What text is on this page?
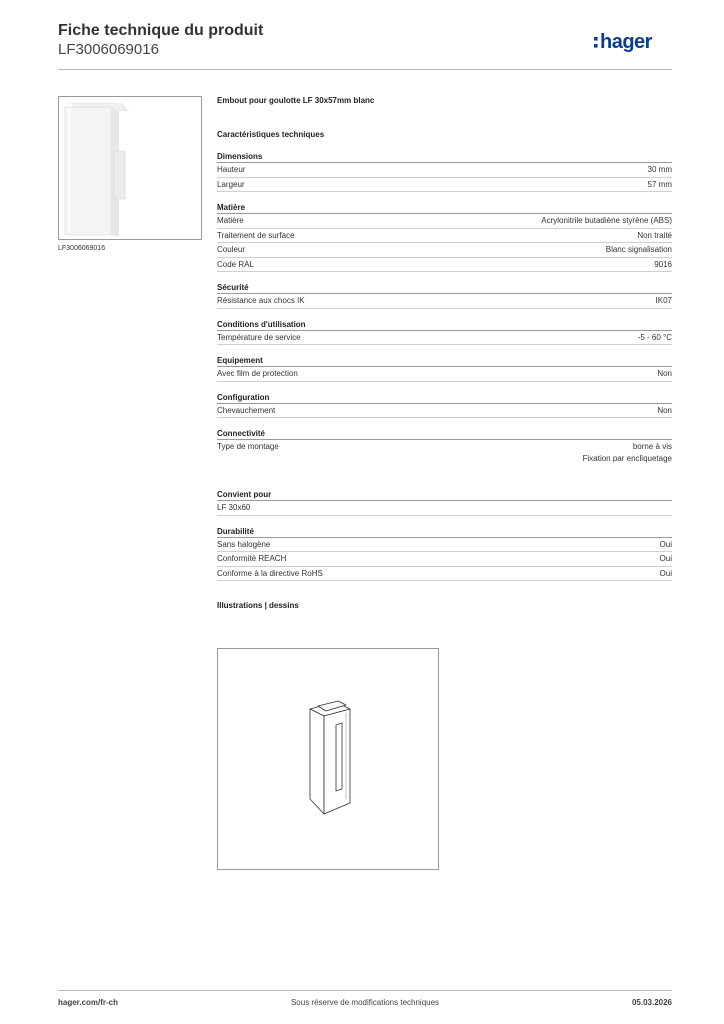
Fiche technique du produit
LF3006069016	hager
LF3006069016
Embout pour goulotte LF 30x57mm blanc
Caractéristiques techniques
Dimensions
Hauteur	30 mm
Largeur	57 mm
Matière
Matière	Acrylonitrile butadiène styrène (ABS)
Traitement de surface	Non traité
Couleur	Blanc signalisation
Code RAL	9016
Sécurité
Résistance aux chocs IK	IK07
Conditions d'utilisation
Température de service	-5 - 60 °C
Equipement
Avec film de protection	Non
Configuration
Chevauchement	Non
Connectivité
Type de montage	borne à vis
Fixation par encliquetage
Convient pour
LF 30x60
Durabilité
Sans halogène	Oui
Conformité REACH	Oui
Conforme à la directive RoHS	Oui
Illustrations | dessins
hager.com/fr-ch	Sous réserve de modifications techniques	05.03.2026
